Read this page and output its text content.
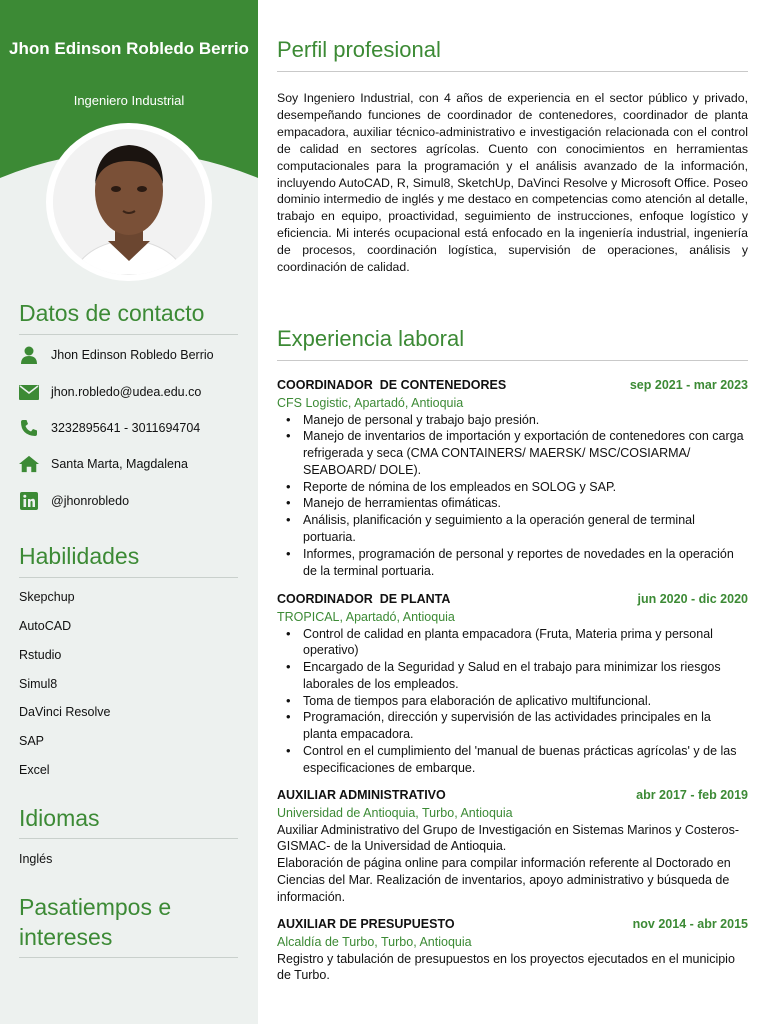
Jhon Edinson Robledo Berrio
Ingeniero Industrial
Datos de contacto
Jhon Edinson Robledo Berrio
jhon.robledo@udea.edu.co
3232895641 - 3011694704
Santa Marta, Magdalena
@jhonrobledo
Habilidades
Skepchup
AutoCAD
Rstudio
Simul8
DaVinci Resolve
SAP
Excel
Idiomas
Inglés
Pasatiempos e
intereses
Perfil profesional
Soy Ingeniero Industrial, con 4 años de experiencia en el sector público y privado, desempeñando funciones de coordinador de contenedores, coordinador de planta empacadora, auxiliar técnico-administrativo e investigación relacionada con el control de calidad en sectores agrícolas. Cuento con conocimientos en herramientas computacionales para la programación y el análisis avanzado de la información, incluyendo AutoCAD, R, Simul8, SketchUp, DaVinci Resolve y Microsoft Office. Poseo dominio intermedio de inglés y me destaco en competencias como atención al detalle, trabajo en equipo, proactividad, seguimiento de instrucciones, enfoque logístico y eficiencia. Mi interés ocupacional está enfocado en la ingeniería industrial, ingeniería de procesos, coordinación logística, supervisión de operaciones, análisis y coordinación de calidad.
Experiencia laboral
COORDINADOR  DE CONTENEDORES	sep 2021 - mar 2023
CFS Logistic, Apartadó, Antioquia
• Manejo de personal y trabajo bajo presión.
• Manejo de inventarios de importación y exportación de contenedores con carga refrigerada y seca (CMA CONTAINERS/ MAERSK/ MSC/COSIARMA/ SEABOARD/ DOLE).
• Reporte de nómina de los empleados en SOLOG y SAP.
• Manejo de herramientas ofimáticas.
• Análisis, planificación y seguimiento a la operación general de terminal portuaria.
• Informes, programación de personal y reportes de novedades en la operación de la terminal portuaria.
COORDINADOR  DE PLANTA	jun 2020 - dic 2020
TROPICAL, Apartadó, Antioquia
• Control de calidad en planta empacadora (Fruta, Materia prima y personal operativo)
• Encargado de la Seguridad y Salud en el trabajo para minimizar los riesgos laborales de los empleados.
• Toma de tiempos para elaboración de aplicativo multifuncional.
• Programación, dirección y supervisión de las actividades principales en la planta empacadora.
• Control en el cumplimiento del 'manual de buenas prácticas agrícolas' y de las especificaciones de embarque.
AUXILIAR ADMINISTRATIVO	abr 2017 - feb 2019
Universidad de Antioquia, Turbo, Antioquia
Auxiliar Administrativo del Grupo de Investigación en Sistemas Marinos y Costeros-GISMAC- de la Universidad de Antioquia.
Elaboración de página online para compilar información referente al Doctorado en Ciencias del Mar. Realización de inventarios, apoyo administrativo y búsqueda de información.
AUXILIAR DE PRESUPUESTO	nov 2014 - abr 2015
Alcaldía de Turbo, Turbo, Antioquia
Registro y tabulación de presupuestos en los proyectos ejecutados en el municipio de Turbo.
